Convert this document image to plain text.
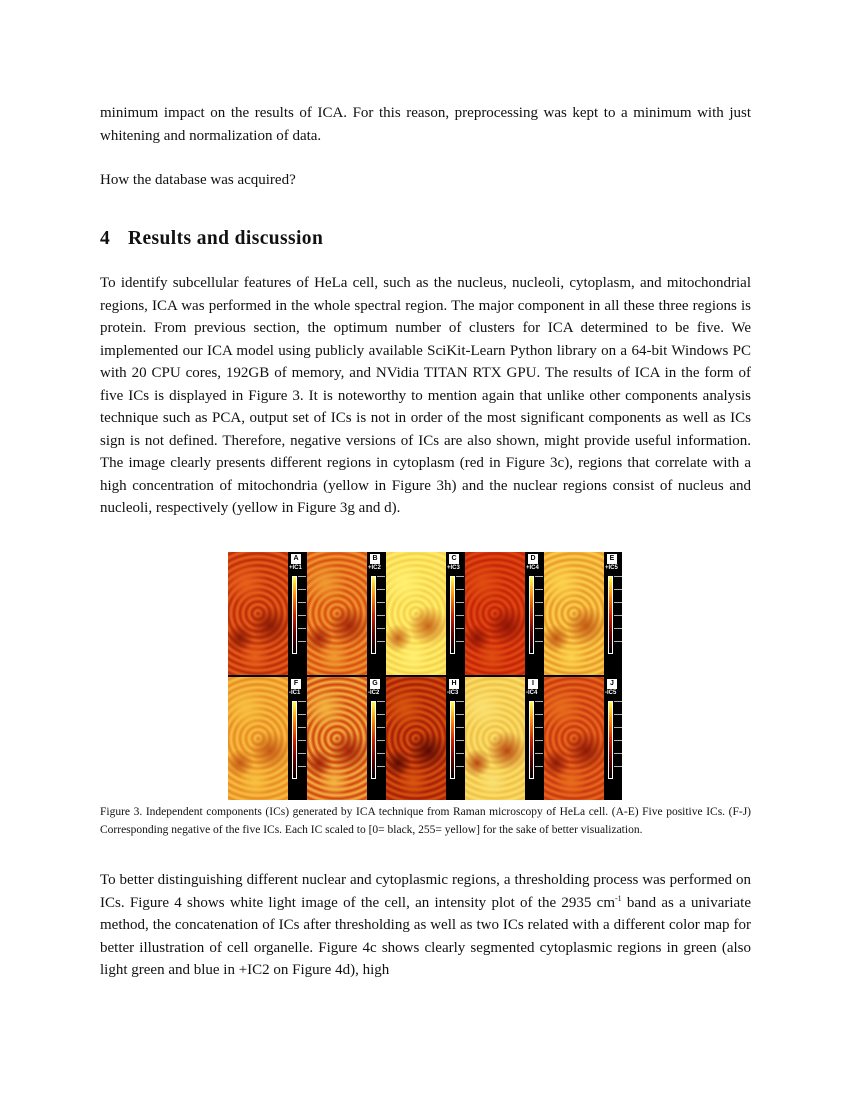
minimum impact on the results of ICA. For this reason, preprocessing was kept to a minimum with just whitening and normalization of data.

How the database was acquired?

4 Results and discussion

To identify subcellular features of HeLa cell, such as the nucleus, nucleoli, cytoplasm, and mitochondrial regions, ICA was performed in the whole spectral region. The major component in all these three regions is protein. From previous section, the optimum number of clusters for ICA determined to be five. We implemented our ICA model using publicly available SciKit-Learn Python library on a 64-bit Windows PC with 20 CPU cores, 192GB of memory, and NVidia TITAN RTX GPU. The results of ICA in the form of five ICs is displayed in Figure 3. It is noteworthy to mention again that unlike other components analysis technique such as PCA, output set of ICs is not in order of the most significant components as well as ICs sign is not defined. Therefore, negative versions of ICs are also shown, might provide useful information. The image clearly presents different regions in cytoplasm (red in Figure 3c), regions that correlate with a high concentration of mitochondria (yellow in Figure 3h) and the nuclear regions consist of nucleus and nucleoli, respectively (yellow in Figure 3g and d).

A
+IC1
B
+IC2
C
+IC3
D
+IC4
E
+IC5
F
-IC1
G
-IC2
H
-IC3
I
-IC4
J
-IC5

Figure 3. Independent components (ICs) generated by ICA technique from Raman microscopy of HeLa cell. (A-E) Five positive ICs. (F-J) Corresponding negative of the five ICs. Each IC scaled to [0= black, 255= yellow] for the sake of better visualization.

To better distinguishing different nuclear and cytoplasmic regions, a thresholding process was performed on ICs. Figure 4 shows white light image of the cell, an intensity plot of the 2935 $cm^{-1}$ band as a univariate method, the concatenation of ICs after thresholding as well as two ICs related with a different color map for better illustration of cell organelle. Figure 4c shows clearly segmented cytoplasmic regions in green (also light green and blue in +IC2 on Figure 4d), high
